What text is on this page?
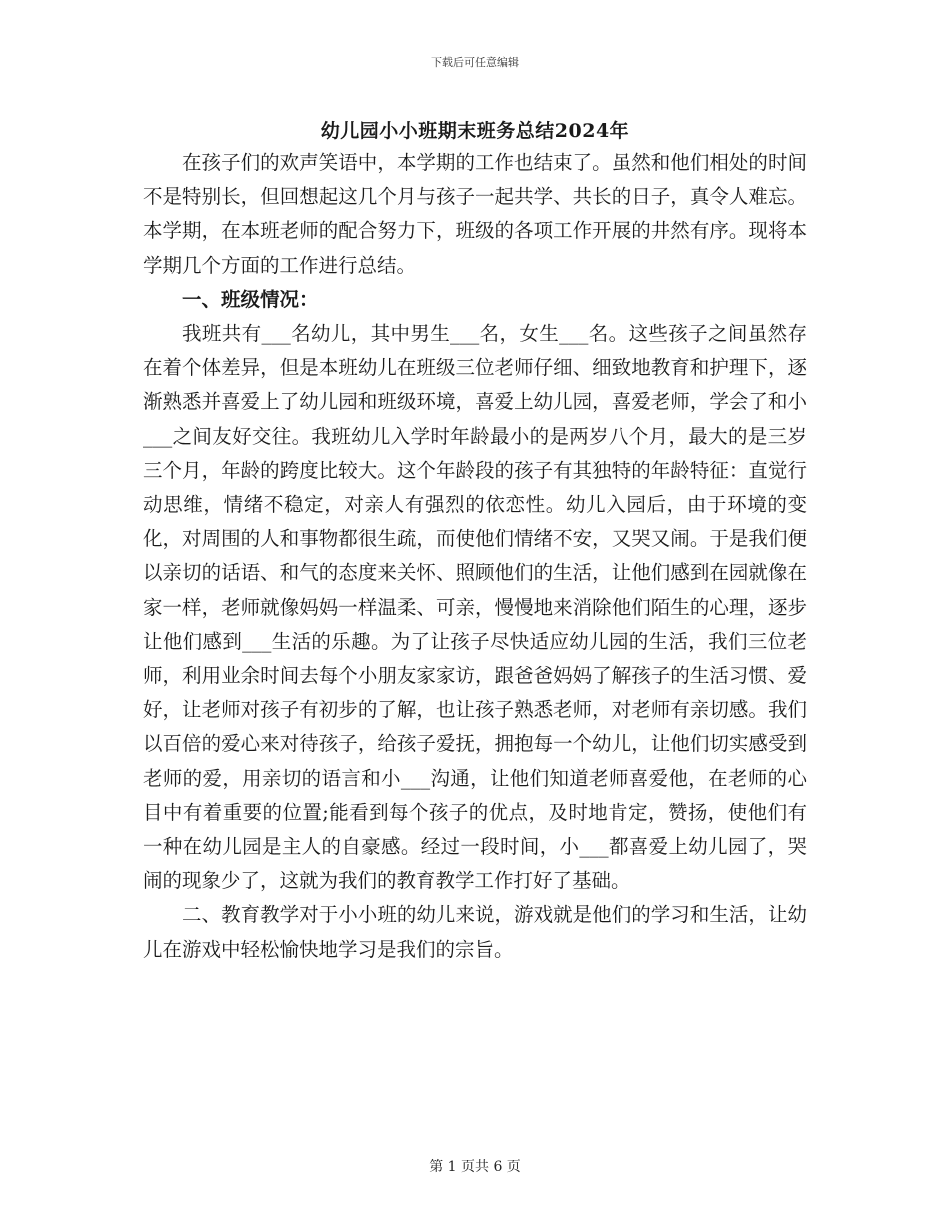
下载后可任意编辑
幼儿园小小班期末班务总结2024年

在孩子们的欢声笑语中，本学期的工作也结束了。虽然和他们相处的时间不是特别长，但回想起这几个月与孩子一起共学、共长的日子，真令人难忘。本学期，在本班老师的配合努力下，班级的各项工作开展的井然有序。现将本学期几个方面的工作进行总结。

一、班级情况：

我班共有___名幼儿，其中男生___名，女生___名。这些孩子之间虽然存在着个体差异，但是本班幼儿在班级三位老师仔细、细致地教育和护理下，逐渐熟悉并喜爱上了幼儿园和班级环境，喜爱上幼儿园，喜爱老师，学会了和小___之间友好交往。我班幼儿入学时年龄最小的是两岁八个月，最大的是三岁三个月，年龄的跨度比较大。这个年龄段的孩子有其独特的年龄特征：直觉行动思维，情绪不稳定，对亲人有强烈的依恋性。幼儿入园后，由于环境的变化，对周围的人和事物都很生疏，而使他们情绪不安，又哭又闹。于是我们便以亲切的话语、和气的态度来关怀、照顾他们的生活，让他们感到在园就像在家一样，老师就像妈妈一样温柔、可亲，慢慢地来消除他们陌生的心理，逐步让他们感到___生活的乐趣。为了让孩子尽快适应幼儿园的生活，我们三位老师，利用业余时间去每个小朋友家家访，跟爸爸妈妈了解孩子的生活习惯、爱好，让老师对孩子有初步的了解，也让孩子熟悉老师，对老师有亲切感。我们以百倍的爱心来对待孩子，给孩子爱抚，拥抱每一个幼儿，让他们切实感受到老师的爱，用亲切的语言和小___沟通，让他们知道老师喜爱他，在老师的心目中有着重要的位置;能看到每个孩子的优点，及时地肯定，赞扬，使他们有一种在幼儿园是主人的自豪感。经过一段时间，小___都喜爱上幼儿园了，哭闹的现象少了，这就为我们的教育教学工作打好了基础。

二、教育教学对于小小班的幼儿来说，游戏就是他们的学习和生活，让幼儿在游戏中轻松愉快地学习是我们的宗旨。

第 1 页共 6 页
